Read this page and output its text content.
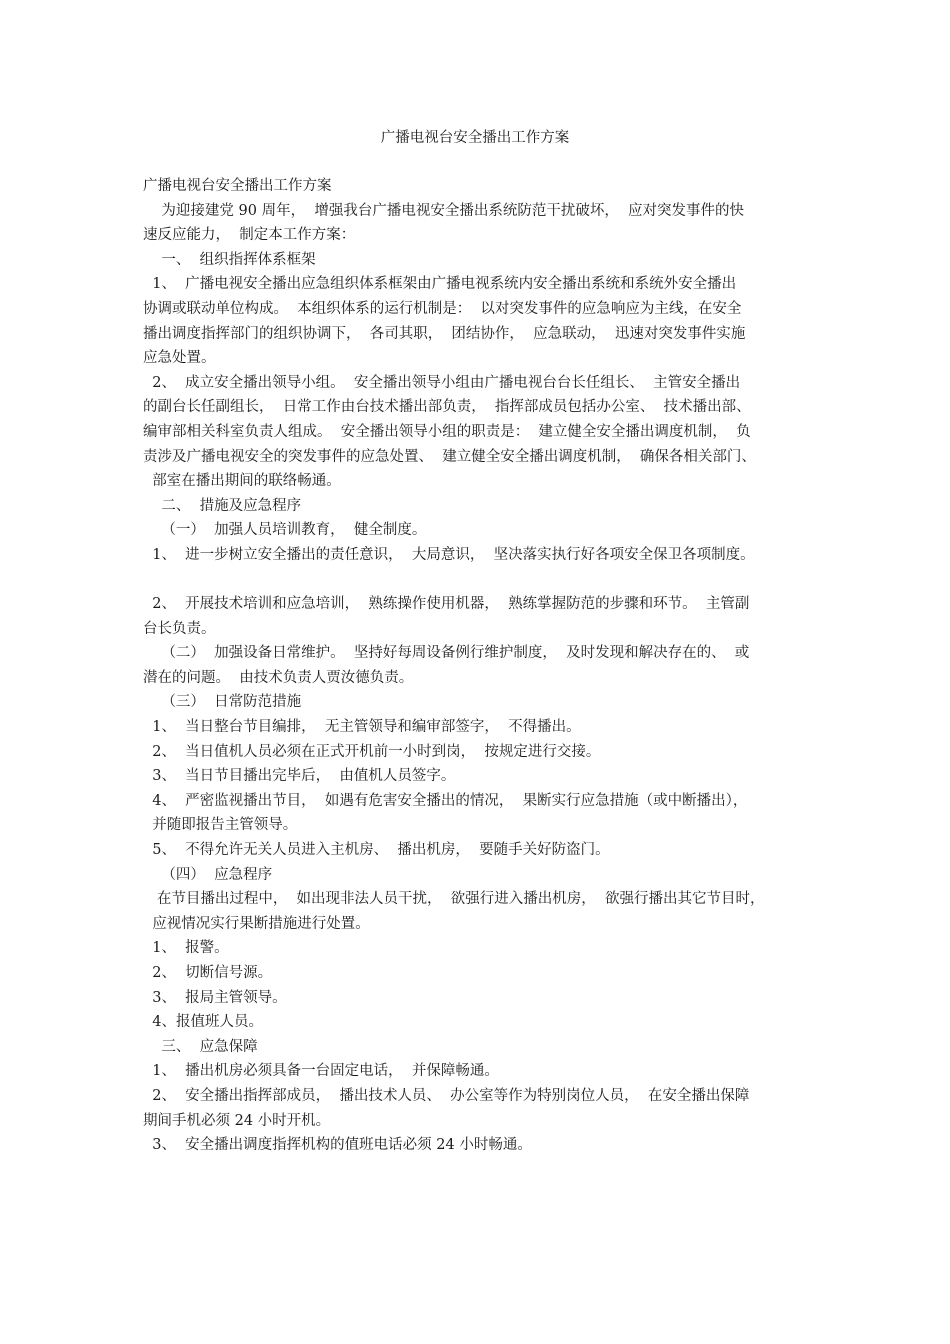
广播电视台安全播出工作方案
广播电视台安全播出工作方案
为迎接建党 90 周年，  增强我台广播电视安全播出系统防范干扰破坏，  应对突发事件的快
速反应能力，  制定本工作方案：
一、  组织指挥体系框架
1、  广播电视安全播出应急组织体系框架由广播电视系统内安全播出系统和系统外安全播出
协调或联动单位构成。  本组织体系的运行机制是：  以对突发事件的应急响应为主线，在安全
播出调度指挥部门的组织协调下，  各司其职，  团结协作，  应急联动，  迅速对突发事件实施
应急处置。
2、  成立安全播出领导小组。  安全播出领导小组由广播电视台台长任组长、  主管安全播出
的副台长任副组长，  日常工作由台技术播出部负责，  指挥部成员包括办公室、  技术播出部、
编审部相关科室负责人组成。  安全播出领导小组的职责是：  建立健全安全播出调度机制，  负
责涉及广播电视安全的突发事件的应急处置、  建立健全安全播出调度机制，  确保各相关部门、
部室在播出期间的联络畅通。
二、  措施及应急程序
（一）  加强人员培训教育，  健全制度。
1、  进一步树立安全播出的责任意识，  大局意识，  坚决落实执行好各项安全保卫各项制度。
2、  开展技术培训和应急培训，  熟练操作使用机器，  熟练掌握防范的步骤和环节。  主管副
台长负责。
（二）  加强设备日常维护。  坚持好每周设备例行维护制度，  及时发现和解决存在的、  或
潜在的问题。  由技术负责人贾汝德负责。
（三）  日常防范措施
1、  当日整台节目编排，  无主管领导和编审部签字，  不得播出。
2、  当日值机人员必须在正式开机前一小时到岗，  按规定进行交接。
3、  当日节目播出完毕后，  由值机人员签字。
4、  严密监视播出节目，  如遇有危害安全播出的情况，  果断实行应急措施（或中断播出），
并随即报告主管领导。
5、  不得允许无关人员进入主机房、  播出机房，  要随手关好防盗门。
（四）  应急程序
在节目播出过程中，  如出现非法人员干扰，  欲强行进入播出机房，  欲强行播出其它节目时，
应视情况实行果断措施进行处置。
1、  报警。
2、  切断信号源。
3、  报局主管领导。
4、报值班人员。
三、  应急保障
1、  播出机房必须具备一台固定电话，  并保障畅通。
2、  安全播出指挥部成员，  播出技术人员、  办公室等作为特别岗位人员，  在安全播出保障
期间手机必须 24 小时开机。
3、  安全播出调度指挥机构的值班电话必须 24 小时畅通。
